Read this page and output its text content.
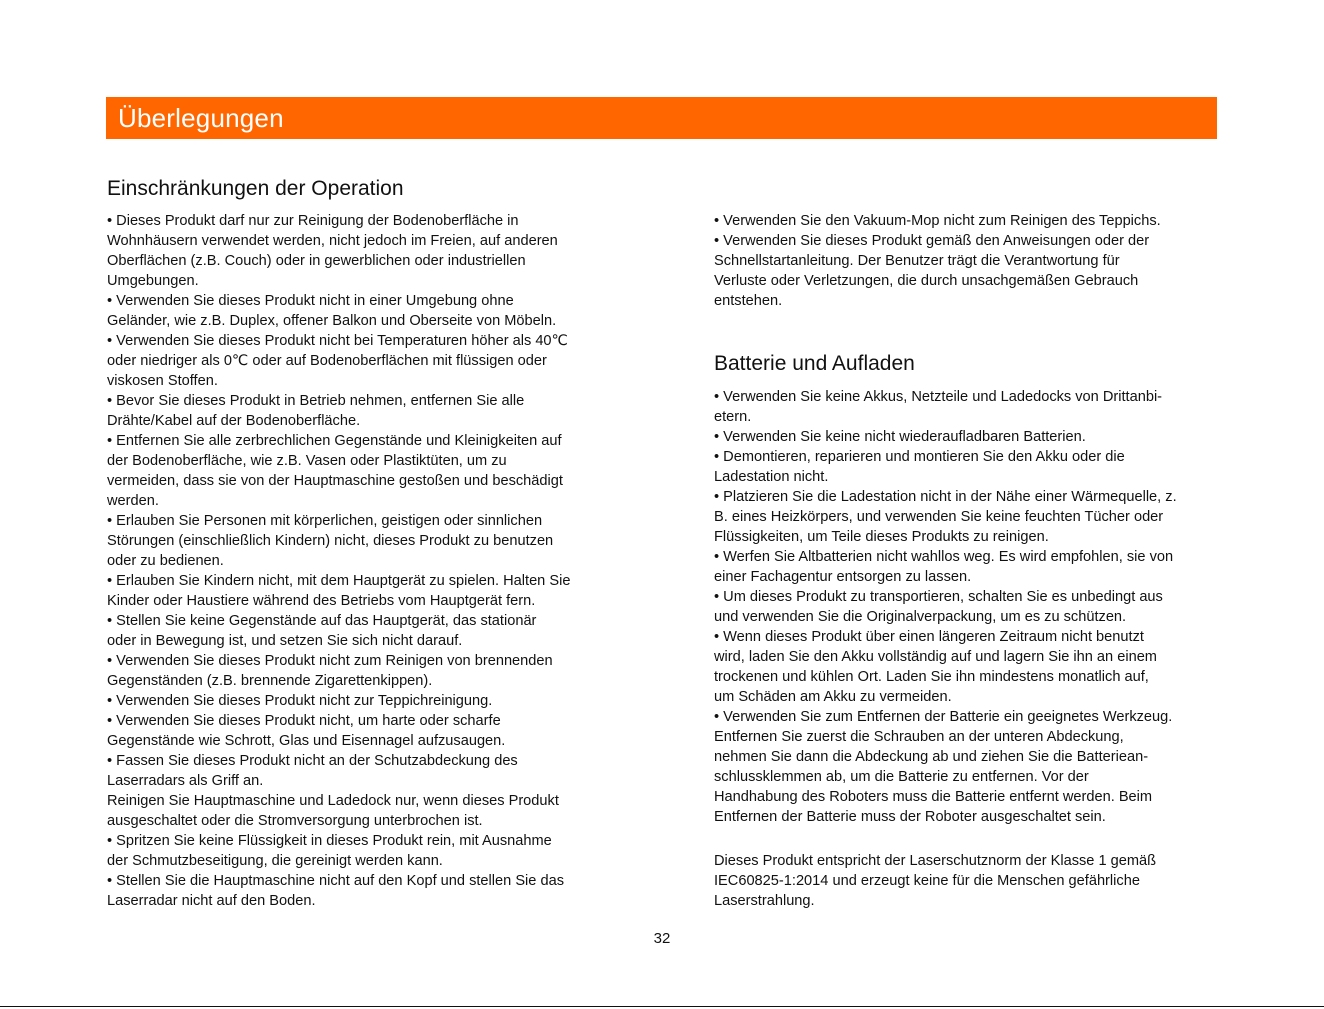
Überlegungen
Einschränkungen der Operation

• Dieses Produkt darf nur zur Reinigung der Bodenoberfläche in

Wohnhäusern verwendet werden, nicht jedoch im Freien, auf anderen

Oberflächen (z.B. Couch) oder in gewerblichen oder industriellen

Umgebungen.

• Verwenden Sie dieses Produkt nicht in einer Umgebung ohne

Geländer, wie z.B. Duplex, offener Balkon und Oberseite von Möbeln.

• Verwenden Sie dieses Produkt nicht bei Temperaturen höher als 40℃

oder niedriger als 0℃ oder auf Bodenoberflächen mit flüssigen oder

viskosen Stoffen.

• Bevor Sie dieses Produkt in Betrieb nehmen, entfernen Sie alle

Drähte/Kabel auf der Bodenoberfläche.

• Entfernen Sie alle zerbrechlichen Gegenstände und Kleinigkeiten auf

der Bodenoberfläche, wie z.B. Vasen oder Plastiktüten, um zu

vermeiden, dass sie von der Hauptmaschine gestoßen und beschädigt

werden.

• Erlauben Sie Personen mit körperlichen, geistigen oder sinnlichen

Störungen (einschließlich Kindern) nicht, dieses Produkt zu benutzen

oder zu bedienen.

• Erlauben Sie Kindern nicht, mit dem Hauptgerät zu spielen. Halten Sie

Kinder oder Haustiere während des Betriebs vom Hauptgerät fern.

• Stellen Sie keine Gegenstände auf das Hauptgerät, das stationär

oder in Bewegung ist, und setzen Sie sich nicht darauf.

• Verwenden Sie dieses Produkt nicht zum Reinigen von brennenden

Gegenständen (z.B. brennende Zigarettenkippen).

• Verwenden Sie dieses Produkt nicht zur Teppichreinigung.

• Verwenden Sie dieses Produkt nicht, um harte oder scharfe

Gegenstände wie Schrott, Glas und Eisennagel aufzusaugen.

• Fassen Sie dieses Produkt nicht an der Schutzabdeckung des

Laserradars als Griff an.

Reinigen Sie Hauptmaschine und Ladedock nur, wenn dieses Produkt

ausgeschaltet oder die Stromversorgung unterbrochen ist.

• Spritzen Sie keine Flüssigkeit in dieses Produkt rein, mit Ausnahme

der Schmutzbeseitigung, die gereinigt werden kann.

• Stellen Sie die Hauptmaschine nicht auf den Kopf und stellen Sie das

Laserradar nicht auf den Boden.

• Verwenden Sie den Vakuum-Mop nicht zum Reinigen des Teppichs.

• Verwenden Sie dieses Produkt gemäß den Anweisungen oder der

Schnellstartanleitung. Der Benutzer trägt die Verantwortung für

Verluste oder Verletzungen, die durch unsachgemäßen Gebrauch

entstehen.

Batterie und Aufladen

• Verwenden Sie keine Akkus, Netzteile und Ladedocks von Drittanbi-

etern.

• Verwenden Sie keine nicht wiederaufladbaren Batterien.

• Demontieren, reparieren und montieren Sie den Akku oder die

Ladestation nicht.

• Platzieren Sie die Ladestation nicht in der Nähe einer Wärmequelle, z.

B. eines Heizkörpers, und verwenden Sie keine feuchten Tücher oder

Flüssigkeiten, um Teile dieses Produkts zu reinigen.

• Werfen Sie Altbatterien nicht wahllos weg. Es wird empfohlen, sie von

einer Fachagentur entsorgen zu lassen.

• Um dieses Produkt zu transportieren, schalten Sie es unbedingt aus

und verwenden Sie die Originalverpackung, um es zu schützen.

• Wenn dieses Produkt über einen längeren Zeitraum nicht benutzt

wird, laden Sie den Akku vollständig auf und lagern Sie ihn an einem

trockenen und kühlen Ort. Laden Sie ihn mindestens monatlich auf,

um Schäden am Akku zu vermeiden.

• Verwenden Sie zum Entfernen der Batterie ein geeignetes Werkzeug.

Entfernen Sie zuerst die Schrauben an der unteren Abdeckung,

nehmen Sie dann die Abdeckung ab und ziehen Sie die Batteriean-

schlussklemmen ab, um die Batterie zu entfernen. Vor der

Handhabung des Roboters muss die Batterie entfernt werden. Beim

Entfernen der Batterie muss der Roboter ausgeschaltet sein.

Dieses Produkt entspricht der Laserschutznorm der Klasse 1 gemäß

IEC60825-1:2014 und erzeugt keine für die Menschen gefährliche

Laserstrahlung.

32
